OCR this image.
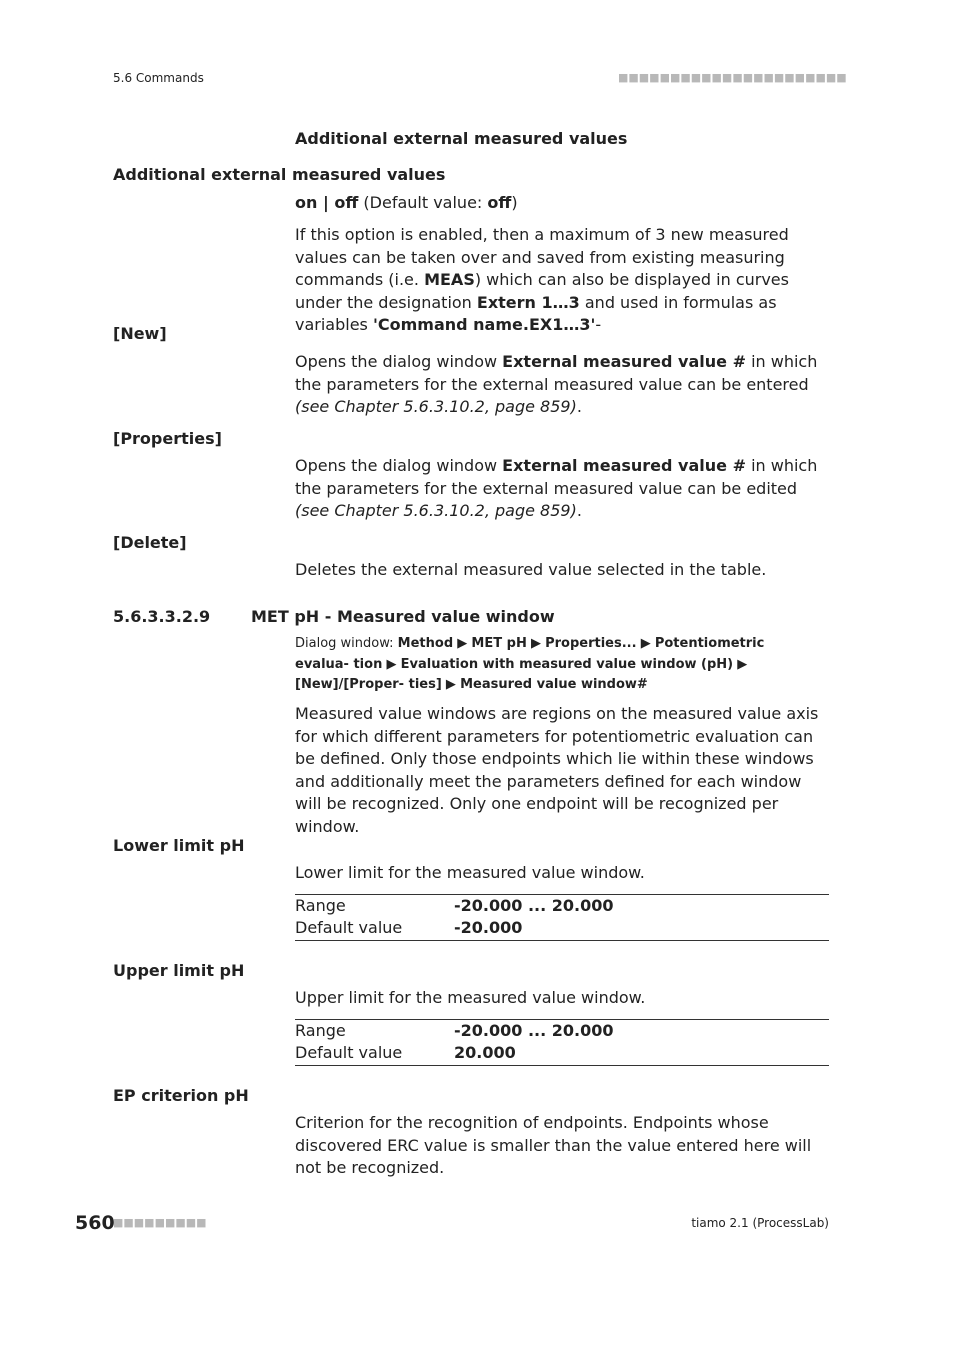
5.6 Commands	■■■■■■■■■■■■■■■■■■■■■■
Additional external measured values
Additional external measured values
on | off (Default value: off)
If this option is enabled, then a maximum of 3 new measured values can be taken over and saved from existing measuring commands (i.e. MEAS) which can also be displayed in curves under the designation Extern 1…3 and used in formulas as variables 'Command name.EX1…3'-
[New]
Opens the dialog window External measured value # in which the parameters for the external measured value can be entered (see Chapter 5.6.3.10.2, page 859).
[Properties]
Opens the dialog window External measured value # in which the parameters for the external measured value can be edited (see Chapter 5.6.3.10.2, page 859).
[Delete]
Deletes the external measured value selected in the table.
5.6.3.3.2.9	MET pH - Measured value window
Dialog window: Method ▶ MET pH ▶ Properties... ▶ Potentiometric evalua- tion ▶ Evaluation with measured value window (pH) ▶ [New]/[Proper- ties] ▶ Measured value window#
Measured value windows are regions on the measured value axis for which different parameters for potentiometric evaluation can be defined. Only those endpoints which lie within these windows and additionally meet the parameters defined for each window will be recognized. Only one endpoint will be recognized per window.
Lower limit pH
Lower limit for the measured value window.
Range	-20.000 ... 20.000
Default value	-20.000
Upper limit pH
Upper limit for the measured value window.
Range	-20.000 ... 20.000
Default value	20.000
EP criterion pH
Criterion for the recognition of endpoints. Endpoints whose discovered ERC value is smaller than the value entered here will not be recognized.
560
■■■■■■■■■	tiamo 2.1 (ProcessLab)
